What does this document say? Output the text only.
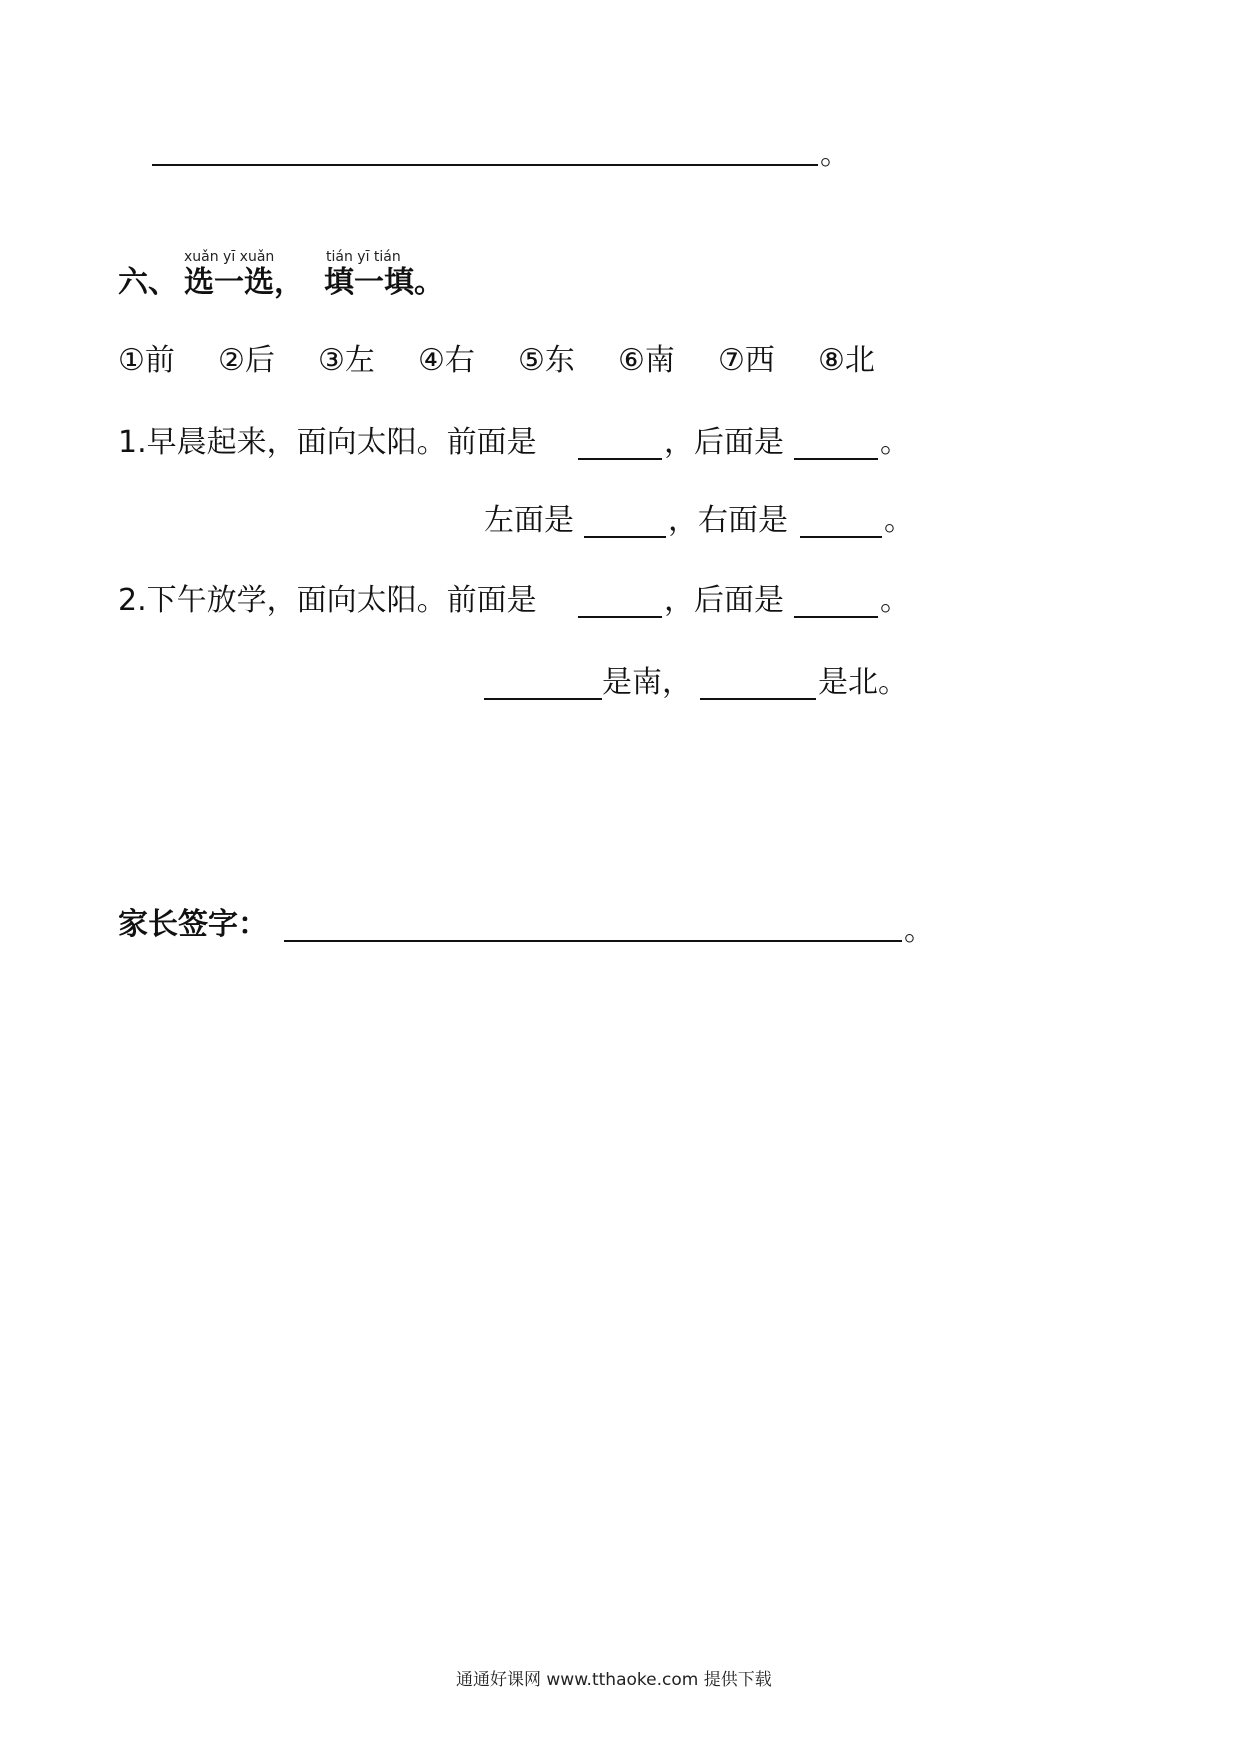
。
xuǎn yī xuǎn	tián yī tián
六、 选一选， 填一填。
①前 ②后 ③左 ④右 ⑤东 ⑥南 ⑦西 ⑧北
1.早晨起来，面向太阳。前面是	，后面是	。
左面是	，右面是	。
2.下午放学，面向太阳。前面是	，后面是	。
是南，	是北。
家长签字：	。
通通好课网 www.tthaoke.com 提供下载
